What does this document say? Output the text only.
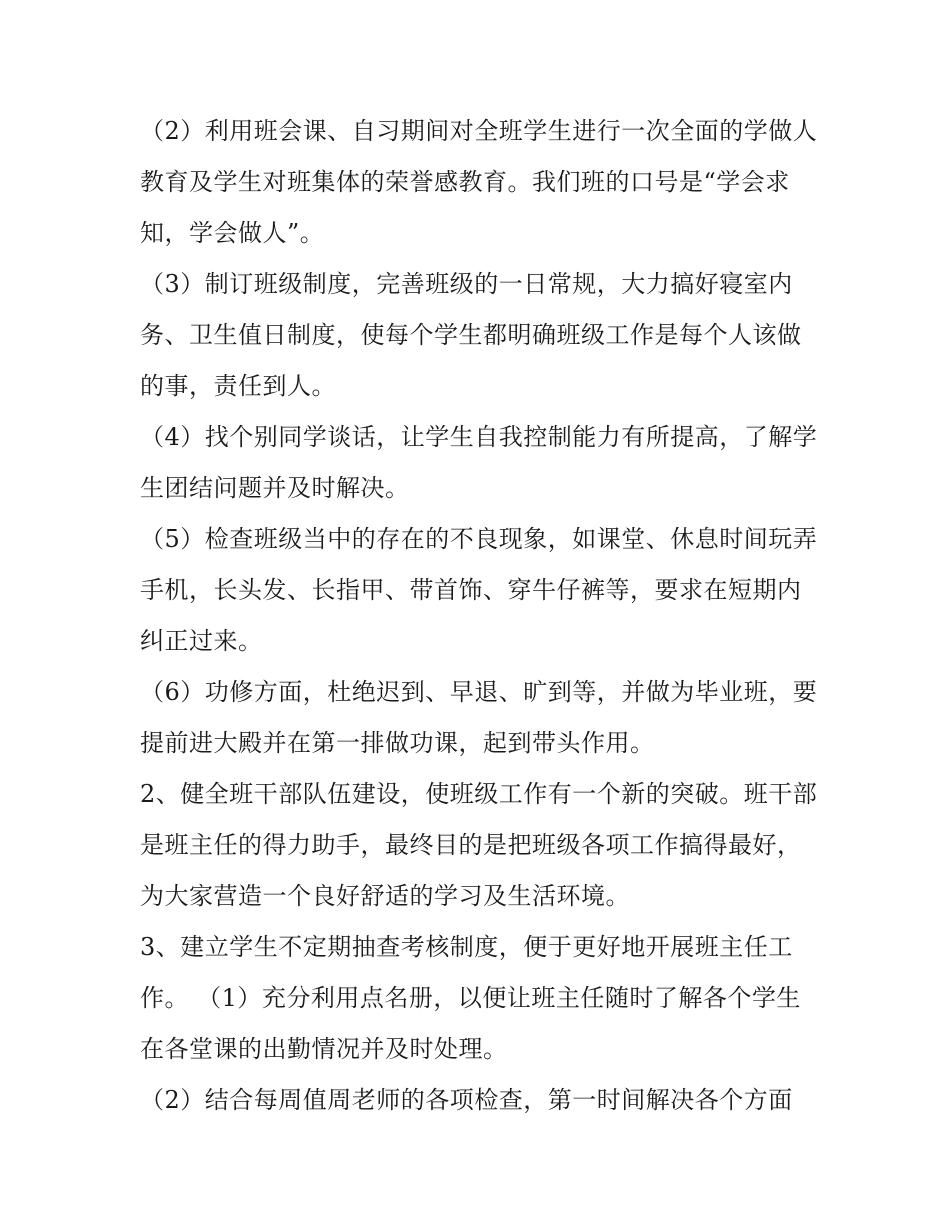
（2）利用班会课、自习期间对全班学生进行一次全面的学做人教育及学生对班集体的荣誉感教育。我们班的口号是“学会求知，学会做人”。

（3）制订班级制度，完善班级的一日常规，大力搞好寝室内务、卫生值日制度，使每个学生都明确班级工作是每个人该做的事，责任到人。

（4）找个别同学谈话，让学生自我控制能力有所提高，了解学生团结问题并及时解决。

（5）检查班级当中的存在的不良现象，如课堂、休息时间玩弄手机，长头发、长指甲、带首饰、穿牛仔裤等，要求在短期内纠正过来。

（6）功修方面，杜绝迟到、早退、旷到等，并做为毕业班，要提前进大殿并在第一排做功课，起到带头作用。

2、健全班干部队伍建设，使班级工作有一个新的突破。班干部是班主任的得力助手，最终目的是把班级各项工作搞得最好，为大家营造一个良好舒适的学习及生活环境。

3、建立学生不定期抽查考核制度，便于更好地开展班主任工作。 （1）充分利用点名册，以便让班主任随时了解各个学生在各堂课的出勤情况并及时处理。

（2）结合每周值周老师的各项检查，第一时间解决各个方面
